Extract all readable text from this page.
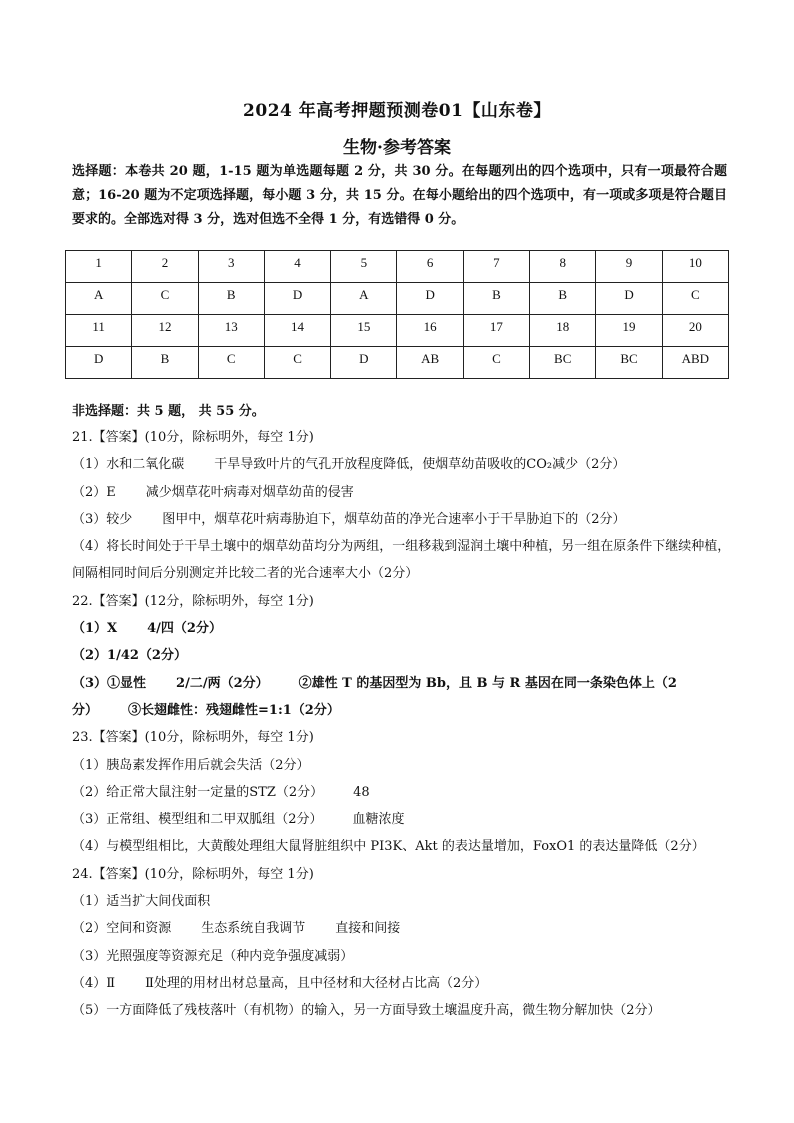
2024 年高考押题预测卷01【山东卷】
生物·参考答案
选择题：本卷共 20 题，1-15 题为单选题每题 2 分，共 30 分。在每题列出的四个选项中，只有一项最符合题意；16-20 题为不定项选择题，每小题 3 分，共 15 分。在每小题给出的四个选项中，有一项或多项是符合题目要求的。全部选对得 3 分，选对但选不全得 1 分，有选错得 0 分。
1	2	3	4	5	6	7	8	9	10
A	C	B	D	A	D	B	B	D	C
11	12	13	14	15	16	17	18	19	20
D	B	C	C	D	AB	C	BC	BC	ABD
非选择题：共 5 题， 共 55 分。
21.【答案】(10分，除标明外，每空 1分)
（1）水和二氧化碳 干旱导致叶片的气孔开放程度降低，使烟草幼苗吸收的CO₂减少（2分）
（2）E 减少烟草花叶病毒对烟草幼苗的侵害
（3）较少 图甲中，烟草花叶病毒胁迫下，烟草幼苗的净光合速率小于干旱胁迫下的（2分）
（4）将长时间处于干旱土壤中的烟草幼苗均分为两组，一组移栽到湿润土壤中种植，另一组在原条件下继续种植，间隔相同时间后分别测定并比较二者的光合速率大小（2分）
22.【答案】(12分，除标明外，每空 1分)
（1）X 4/四（2分）
（2）1/42（2分）
（3）①显性 2/二/两（2分） ②雄性 T 的基因型为 Bb，且 B 与 R 基因在同一条染色体上（2
分） ③长翅雌性：残翅雌性=1:1（2分）
23.【答案】(10分，除标明外，每空 1分)
（1）胰岛素发挥作用后就会失活（2分）
（2）给正常大鼠注射一定量的STZ（2分） 48
（3）正常组、模型组和二甲双胍组（2分） 血糖浓度
（4）与模型组相比，大黄酸处理组大鼠肾脏组织中 PI3K、Akt 的表达量增加，FoxO1 的表达量降低（2分）
24.【答案】(10分，除标明外，每空 1分)
（1）适当扩大间伐面积
（2）空间和资源 生态系统自我调节 直接和间接
（3）光照强度等资源充足（种内竞争强度减弱）
（4）Ⅱ Ⅱ处理的用材出材总量高，且中径材和大径材占比高（2分）
（5）一方面降低了残枝落叶（有机物）的输入，另一方面导致土壤温度升高，微生物分解加快（2分）
